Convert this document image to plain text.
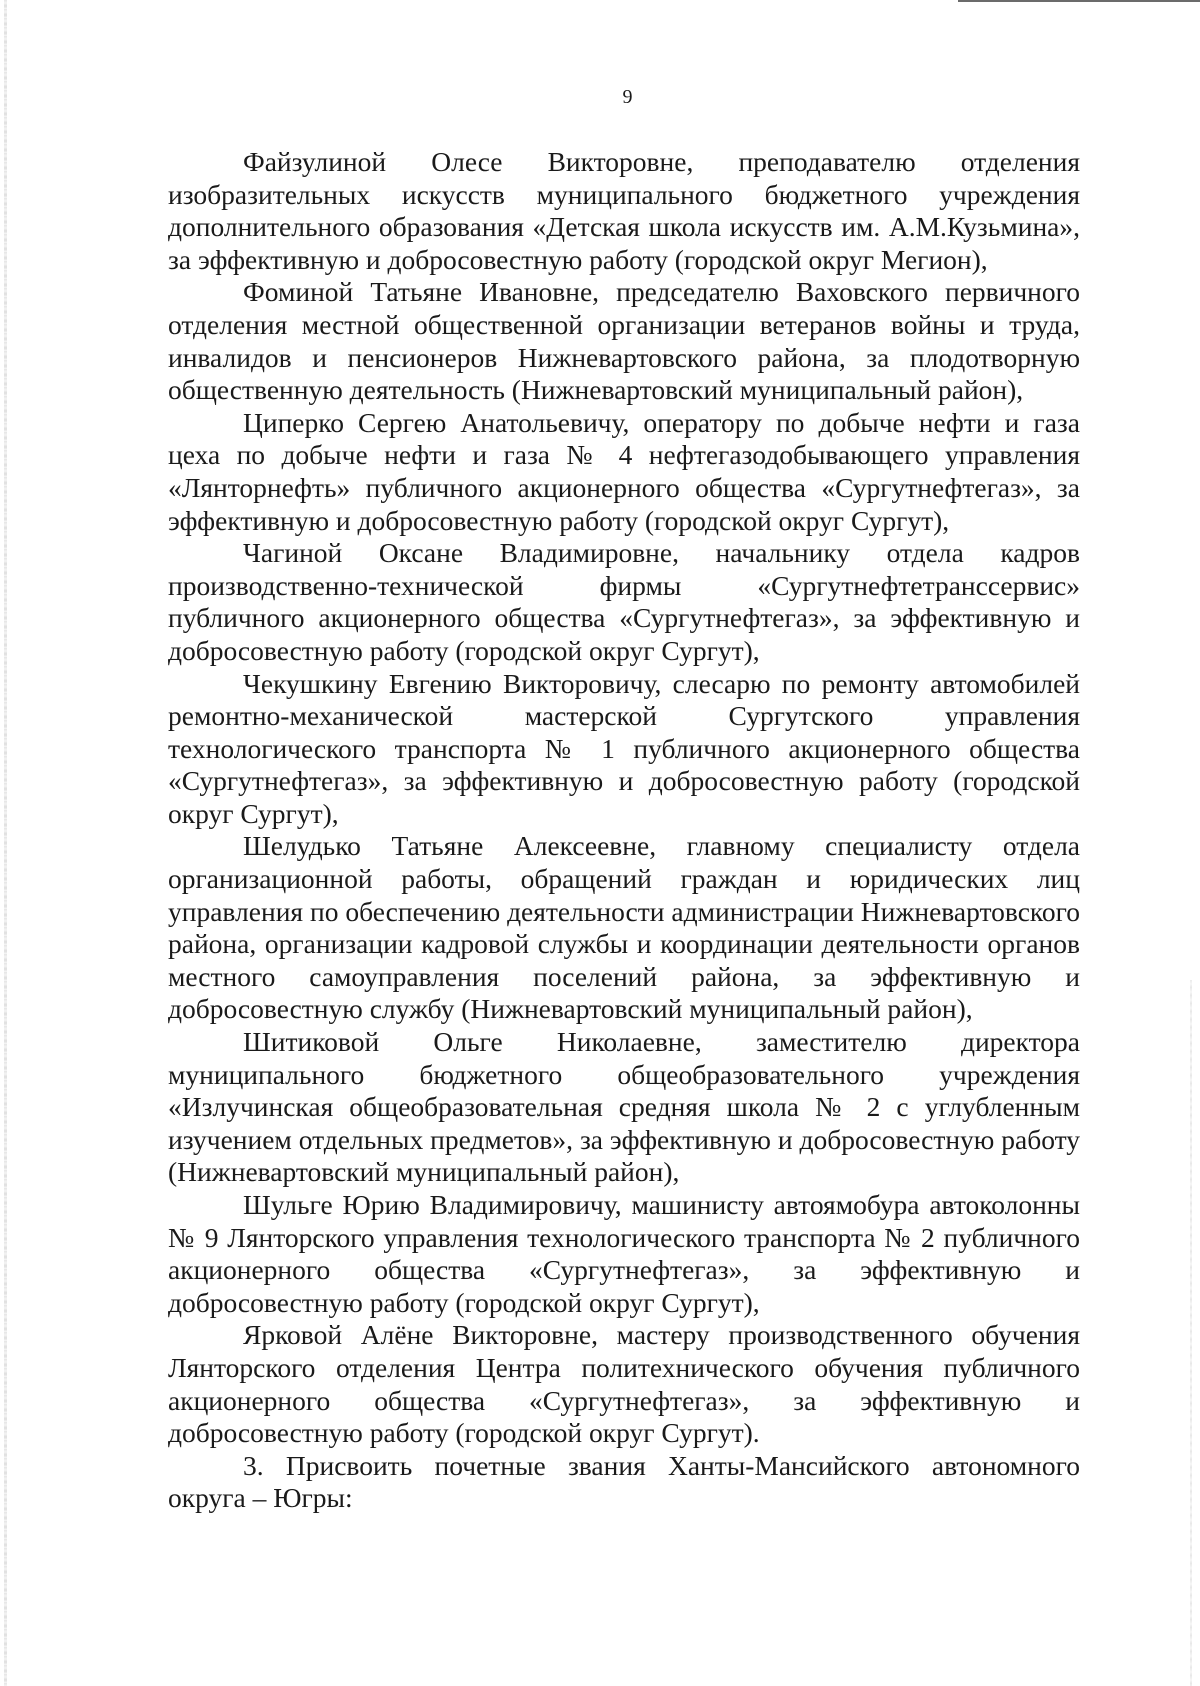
9

Файзулиной Олесе Викторовне, преподавателю отделения изобразительных искусств муниципального бюджетного учреждения дополнительного образования «Детская школа искусств им. А.М.Кузьмина», за эффективную и добросовестную работу (городской округ Мегион),

Фоминой Татьяне Ивановне, председателю Ваховского первичного отделения местной общественной организации ветеранов войны и труда, инвалидов и пенсионеров Нижневартовского района, за плодотворную общественную деятельность (Нижневартовский муниципальный район),

Циперко Сергею Анатольевичу, оператору по добыче нефти и газа цеха по добыче нефти и газа № 4 нефтегазодобывающего управления «Лянторнефть» публичного акционерного общества «Сургутнефтегаз», за эффективную и добросовестную работу (городской округ Сургут),

Чагиной Оксане Владимировне, начальнику отдела кадров производственно-технической фирмы «Сургутнефтетранссервис» публичного акционерного общества «Сургутнефтегаз», за эффективную и добросовестную работу (городской округ Сургут),

Чекушкину Евгению Викторовичу, слесарю по ремонту автомобилей ремонтно-механической мастерской Сургутского управления технологического транспорта № 1 публичного акционерного общества «Сургутнефтегаз», за эффективную и добросовестную работу (городской округ Сургут),

Шелудько Татьяне Алексеевне, главному специалисту отдела организационной работы, обращений граждан и юридических лиц управления по обеспечению деятельности администрации Нижневартовского района, организации кадровой службы и координации деятельности органов местного самоуправления поселений района, за эффективную и добросовестную службу (Нижневартовский муниципальный район),

Шитиковой Ольге Николаевне, заместителю директора муниципального бюджетного общеобразовательного учреждения «Излучинская общеобразовательная средняя школа № 2 с углубленным изучением отдельных предметов», за эффективную и добросовестную работу (Нижневартовский муниципальный район),

Шульге Юрию Владимировичу, машинисту автоямобура автоколонны № 9 Лянторского управления технологического транспорта № 2 публичного акционерного общества «Сургутнефтегаз», за эффективную и добросовестную работу (городской округ Сургут),

Ярковой Алёне Викторовне, мастеру производственного обучения Лянторского отделения Центра политехнического обучения публичного акционерного общества «Сургутнефтегаз», за эффективную и добросовестную работу (городской округ Сургут).

3. Присвоить почетные звания Ханты-Мансийского автономного округа – Югры:
